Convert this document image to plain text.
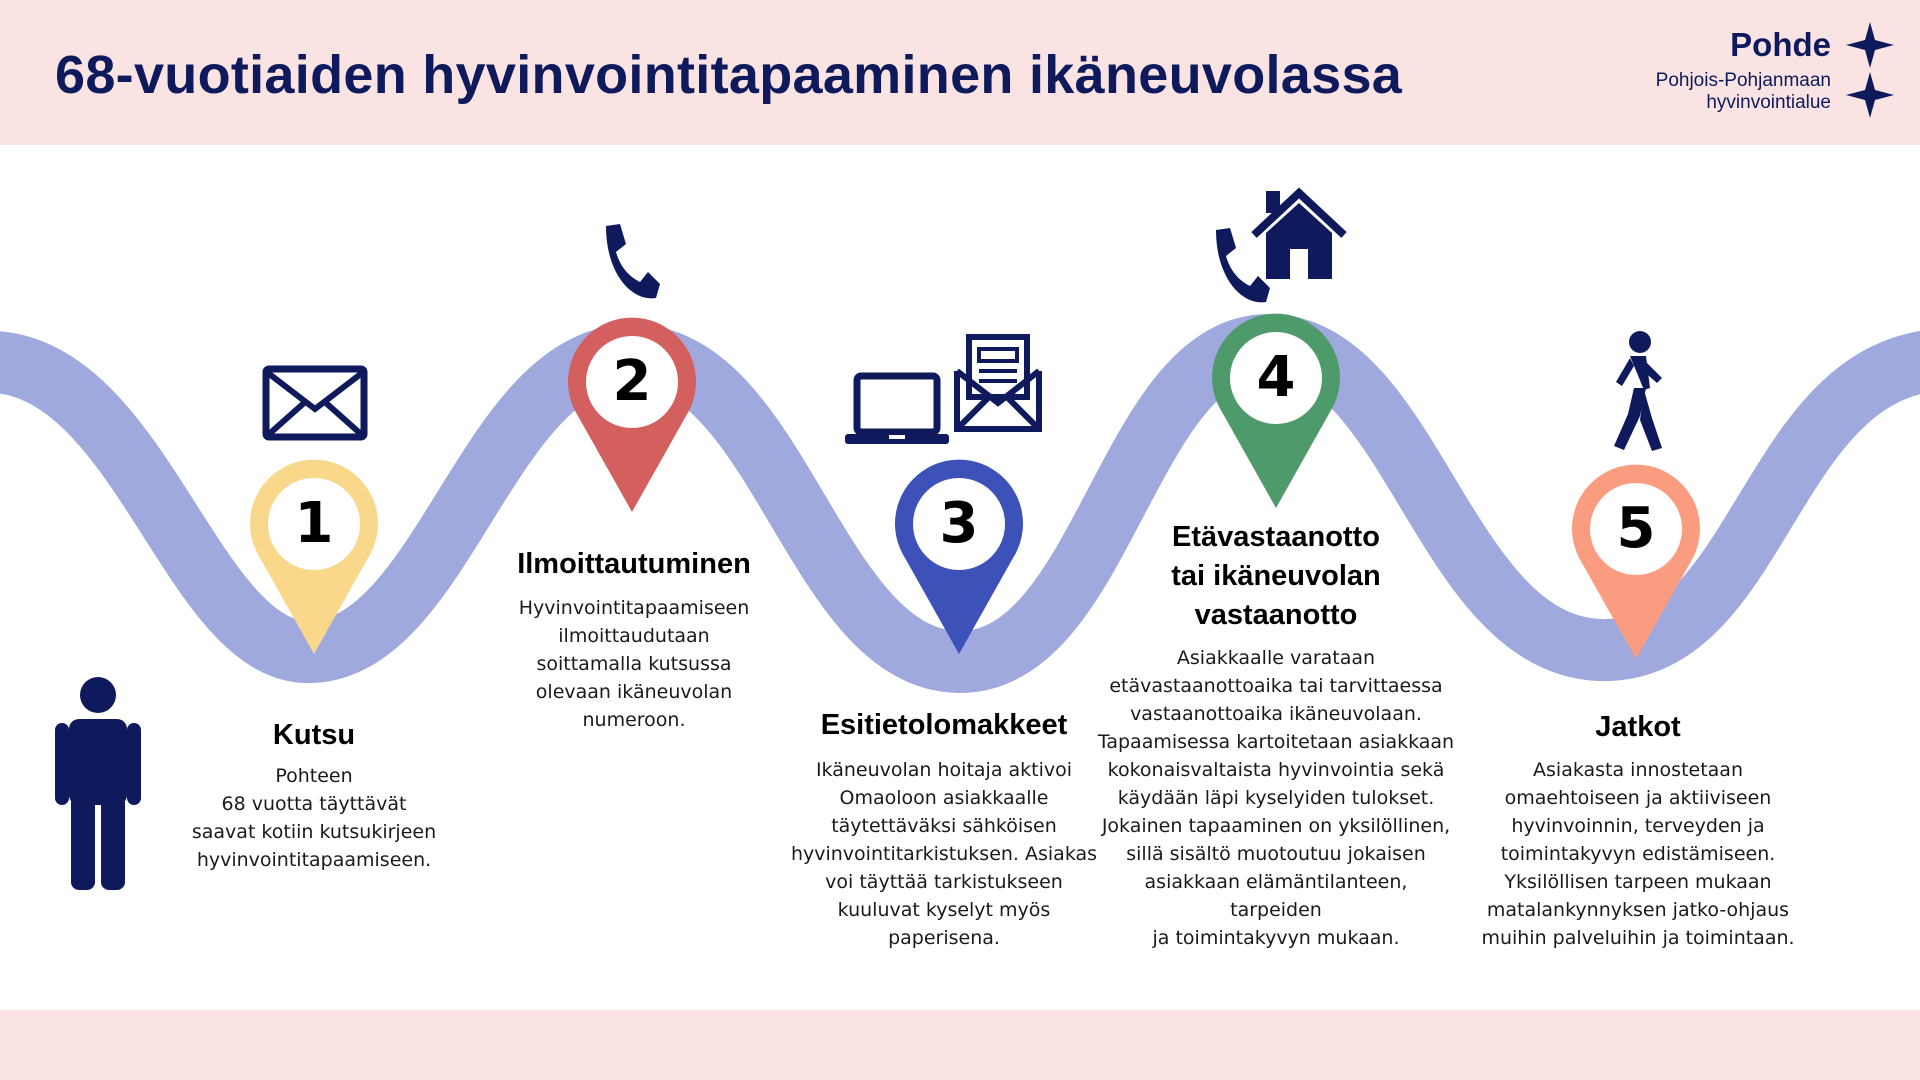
68-vuotiaiden hyvinvointitapaaminen ikäneuvolassa
Pohde
Pohjois-Pohjanmaan
hyvinvointialue
1
2
3
4
5
Kutsu
Pohteen
68 vuotta täyttävät
saavat kotiin kutsukirjeen
hyvinvointitapaamiseen.
Ilmoittautuminen
Hyvinvointitapaamiseen
ilmoittaudutaan
soittamalla kutsussa
olevaan ikäneuvolan
numeroon.	Esitietolomakkeet
Ikäneuvolan hoitaja aktivoi
Omaoloon asiakkaalle
täytettäväksi sähköisen
hyvinvointitarkistuksen. Asiakas
voi täyttää tarkistukseen
kuuluvat kyselyt myös
paperisena.
Etävastaanotto
tai ikäneuvolan
vastaanotto
Asiakkaalle varataan
etävastaanottoaika tai tarvittaessa
vastaanottoaika ikäneuvolaan.
Tapaamisessa kartoitetaan asiakkaan
kokonaisvaltaista hyvinvointia sekä
käydään läpi kyselyiden tulokset.
Jokainen tapaaminen on yksilöllinen,
sillä sisältö muotoutuu jokaisen
asiakkaan elämäntilanteen, tarpeiden
ja toimintakyvyn mukaan.
Jatkot
Asiakasta innostetaan
omaehtoiseen ja aktiiviseen
hyvinvoinnin, terveyden ja
toimintakyvyn edistämiseen.
Yksilöllisen tarpeen mukaan
matalankynnyksen jatko-ohjaus
muihin palveluihin ja toimintaan.
